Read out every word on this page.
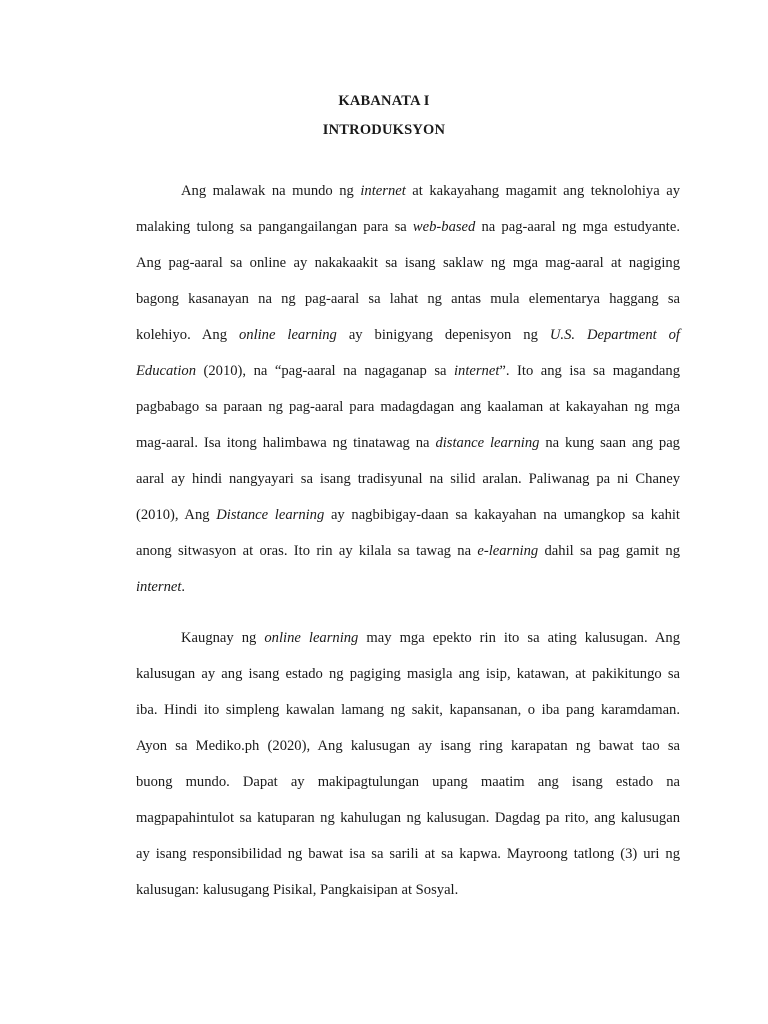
KABANATA I
INTRODUKSYON
Ang malawak na mundo ng internet at kakayahang magamit ang teknolohiya ay
malaking tulong sa pangangailangan para sa web-based na pag-aaral ng mga estudyante.
Ang pag-aaral sa online ay nakakaakit sa isang saklaw ng mga mag-aaral at nagiging
bagong kasanayan na ng pag-aaral sa lahat ng antas mula elementarya haggang sa
kolehiyo. Ang online learning ay binigyang depenisyon ng U.S. Department of
Education (2010), na “pag-aaral na nagaganap sa internet”. Ito ang isa sa magandang
pagbabago sa paraan ng pag-aaral para madagdagan ang kaalaman at kakayahan ng mga
mag-aaral. Isa itong halimbawa ng tinatawag na distance learning na kung saan ang pag
aaral ay hindi nangyayari sa isang tradisyunal na silid aralan. Paliwanag pa ni Chaney
(2010), Ang Distance learning ay nagbibigay-daan sa kakayahan na umangkop sa kahit
anong sitwasyon at oras. Ito rin ay kilala sa tawag na e-learning dahil sa pag gamit ng
internet.
Kaugnay ng online learning may mga epekto rin ito sa ating kalusugan. Ang
kalusugan ay ang isang estado ng pagiging masigla ang isip, katawan, at pakikitungo sa
iba. Hindi ito simpleng kawalan lamang ng sakit, kapansanan, o iba pang karamdaman.
Ayon sa Mediko.ph (2020), Ang kalusugan ay isang ring karapatan ng bawat tao sa
buong mundo. Dapat ay makipagtulungan upang maatim ang isang estado na
magpapahintulot sa katuparan ng kahulugan ng kalusugan. Dagdag pa rito, ang kalusugan
ay isang responsibilidad ng bawat isa sa sarili at sa kapwa. Mayroong tatlong (3) uri ng
kalusugan: kalusugang Pisikal, Pangkaisipan at Sosyal.
